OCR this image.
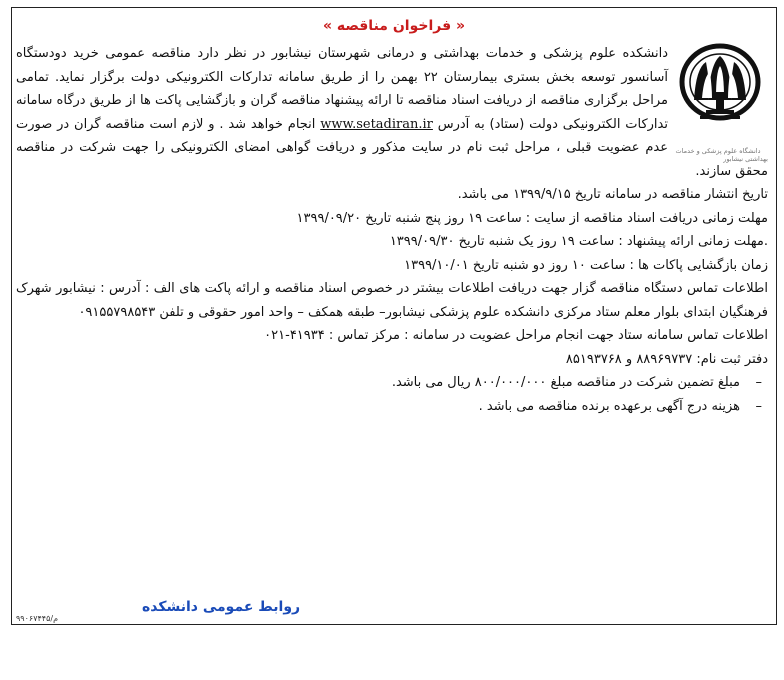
« فراخوان مناقصه »
دانشگاه علوم پزشکی و خدمات بهداشتی نیشابور

دانشکده علوم پزشکی و خدمات بهداشتی و درمانی شهرستان نیشابور در نظر دارد مناقصه عمومی خرید دودستگاه آسانسور توسعه بخش بستری بیمارستان ۲۲ بهمن را از طریق سامانه تدارکات الکترونیکی دولت برگزار نماید. تمامی مراحل برگزاری مناقصه از دریافت اسناد مناقصه تا ارائه پیشنهاد مناقصه گران و بازگشایی پاکت ها از طریق درگاه سامانه تدارکات الکترونیکی دولت (ستاد) به آدرس www.setadiran.ir انجام خواهد شد . و لازم است مناقصه گران در صورت عدم عضویت قبلی ، مراحل ثبت نام در سایت مذکور و دریافت گواهی امضای الکترونیکی را جهت شرکت در مناقصه محقق سازند.

تاریخ انتشار مناقصه در سامانه تاریخ ۱۳۹۹/۹/۱۵ می باشد.

مهلت زمانی دریافت اسناد مناقصه از سایت : ساعت ۱۹ روز پنج شنبه تاریخ ۱۳۹۹/۰۹/۲۰

.مهلت زمانی ارائه پیشنهاد : ساعت ۱۹ روز یک شنبه تاریخ ۱۳۹۹/۰۹/۳۰

زمان بازگشایی پاکات ها : ساعت ۱۰ روز دو شنبه تاریخ ۱۳۹۹/۱۰/۰۱

اطلاعات تماس دستگاه مناقصه گزار جهت دریافت اطلاعات بیشتر در خصوص اسناد مناقصه و ارائه پاکت های الف : آدرس : نیشابور شهرک فرهنگیان ابتدای بلوار معلم ستاد مرکزی دانشکده علوم پزشکی نیشابور– طبقه همکف – واحد امور حقوقی و تلفن ۰۹۱۵۵۷۹۸۵۴۳

اطلاعات تماس سامانه ستاد جهت انجام مراحل عضویت در سامانه : مرکز تماس : ۴۱۹۳۴-۰۲۱

دفتر ثبت نام: ۸۸۹۶۹۷۳۷ و ۸۵۱۹۳۷۶۸

–
مبلغ تضمین شرکت در مناقصه مبلغ ۸۰۰/۰۰۰/۰۰۰ ریال می باشد.
–
هزینه درج آگهی برعهده برنده مناقصه می باشد .
روابط عمومی دانشکده
م/۹۹۰۶۷۴۴۵
